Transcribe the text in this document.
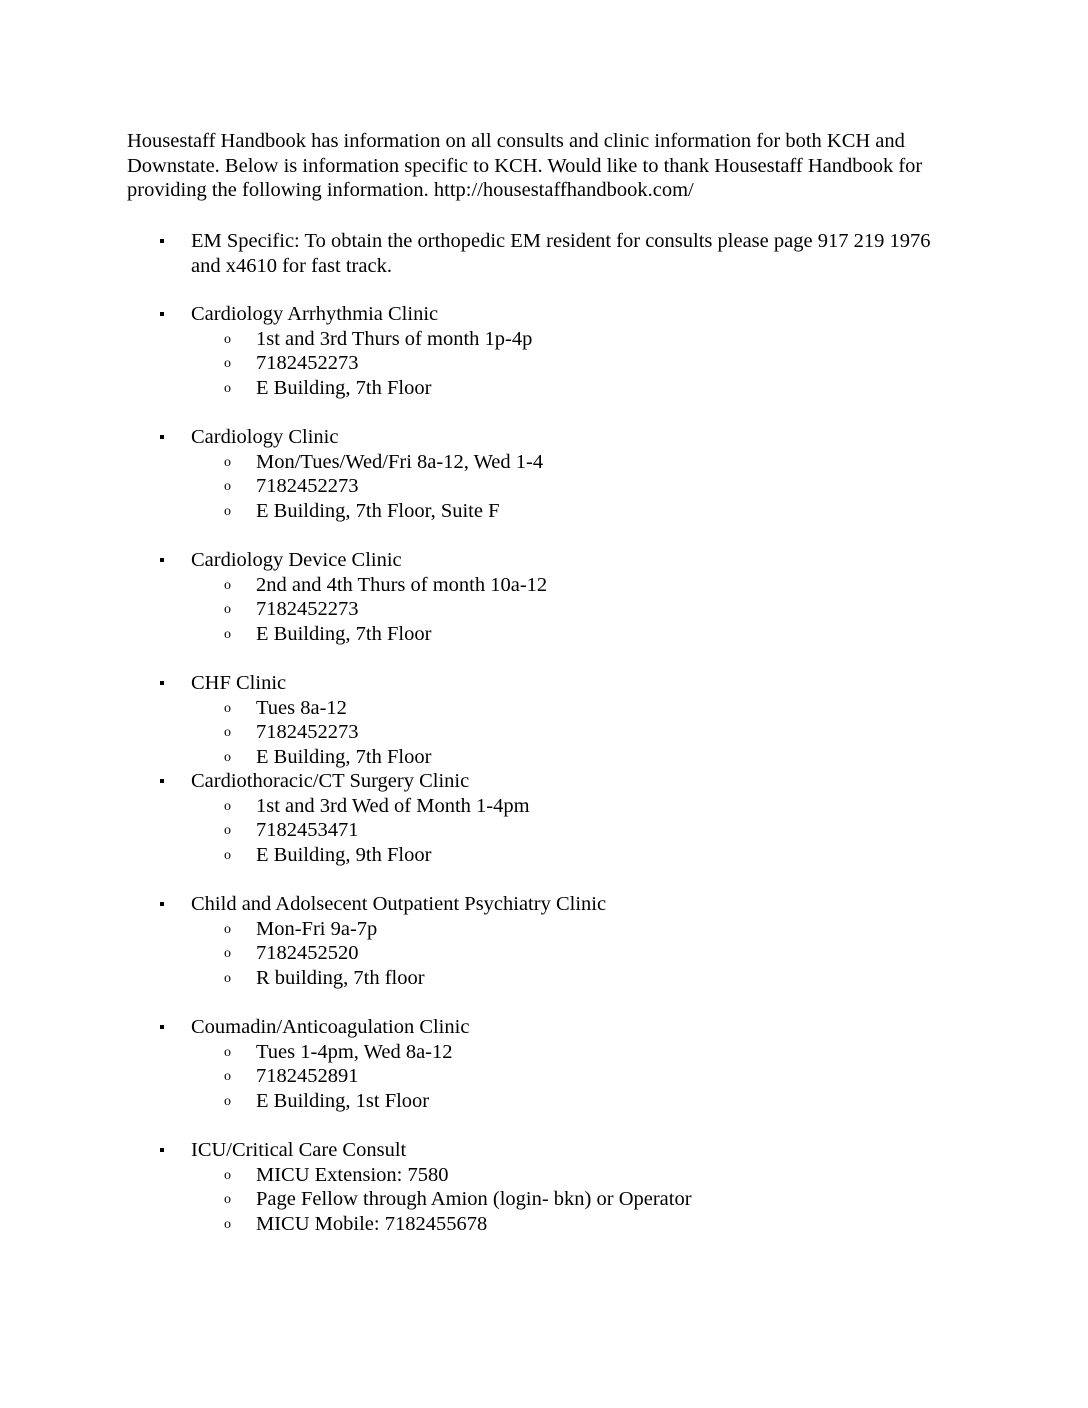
Housestaff Handbook has information on all consults and clinic information for both KCH and Downstate. Below is information specific to KCH. Would like to thank Housestaff Handbook for providing the following information. http://housestaffhandbook.com/
EM Specific: To obtain the orthopedic EM resident for consults please page 917 219 1976 and x4610 for fast track.
Cardiology Arrhythmia Clinic
o 1st and 3rd Thurs of month 1p-4p
o 7182452273
o E Building, 7th Floor
Cardiology Clinic
o Mon/Tues/Wed/Fri 8a-12, Wed 1-4
o 7182452273
o E Building, 7th Floor, Suite F
Cardiology Device Clinic
o 2nd and 4th Thurs of month 10a-12
o 7182452273
o E Building, 7th Floor
CHF Clinic
o Tues 8a-12
o 7182452273
o E Building, 7th Floor
Cardiothoracic/CT Surgery Clinic
o 1st and 3rd Wed of Month 1-4pm
o 7182453471
o E Building, 9th Floor
Child and Adolsecent Outpatient Psychiatry Clinic
o Mon-Fri 9a-7p
o 7182452520
o R building, 7th floor
Coumadin/Anticoagulation Clinic
o Tues 1-4pm, Wed 8a-12
o 7182452891
o E Building, 1st Floor
ICU/Critical Care Consult
o MICU Extension: 7580
o Page Fellow through Amion (login- bkn) or Operator
o MICU Mobile: 7182455678
